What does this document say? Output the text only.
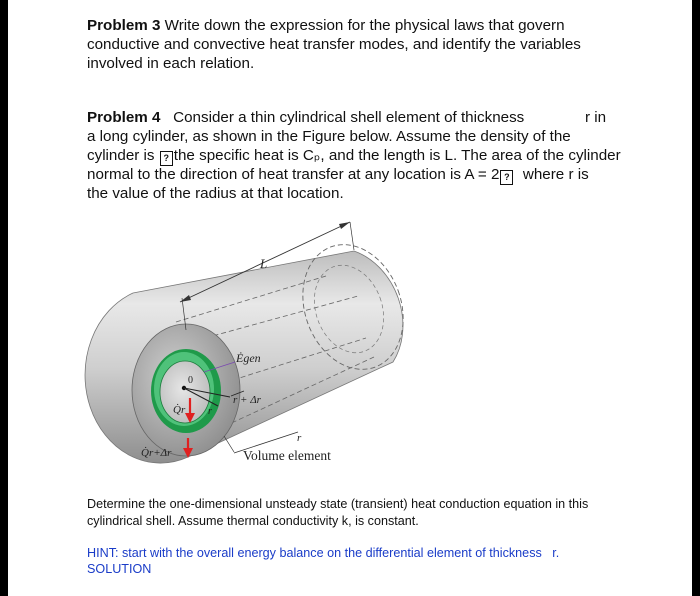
Problem 3 Write down the expression for the physical laws that govern

conductive and convective heat transfer modes, and identify the variables

involved in each relation.

Problem 4 Consider a thin cylindrical shell element of thickness	r in

a long cylinder, as shown in the Figure below. Assume the density of the

cylinder is ? the specific heat is Cₚ, and the length is L. The area of the cylinder

normal to the direction of heat transfer at any location is A = 2 ? where r is

the value of the radius at that location.

L
Ėgen
0
Q̇r r
r + Δr
Q̇r+Δr
r
Volume element

Determine the one-dimensional unsteady state (transient) heat conduction equation in this

cylindrical shell. Assume thermal conductivity k, is constant.

HINT: start with the overall energy balance on the differential element of thickness r.

SOLUTION
